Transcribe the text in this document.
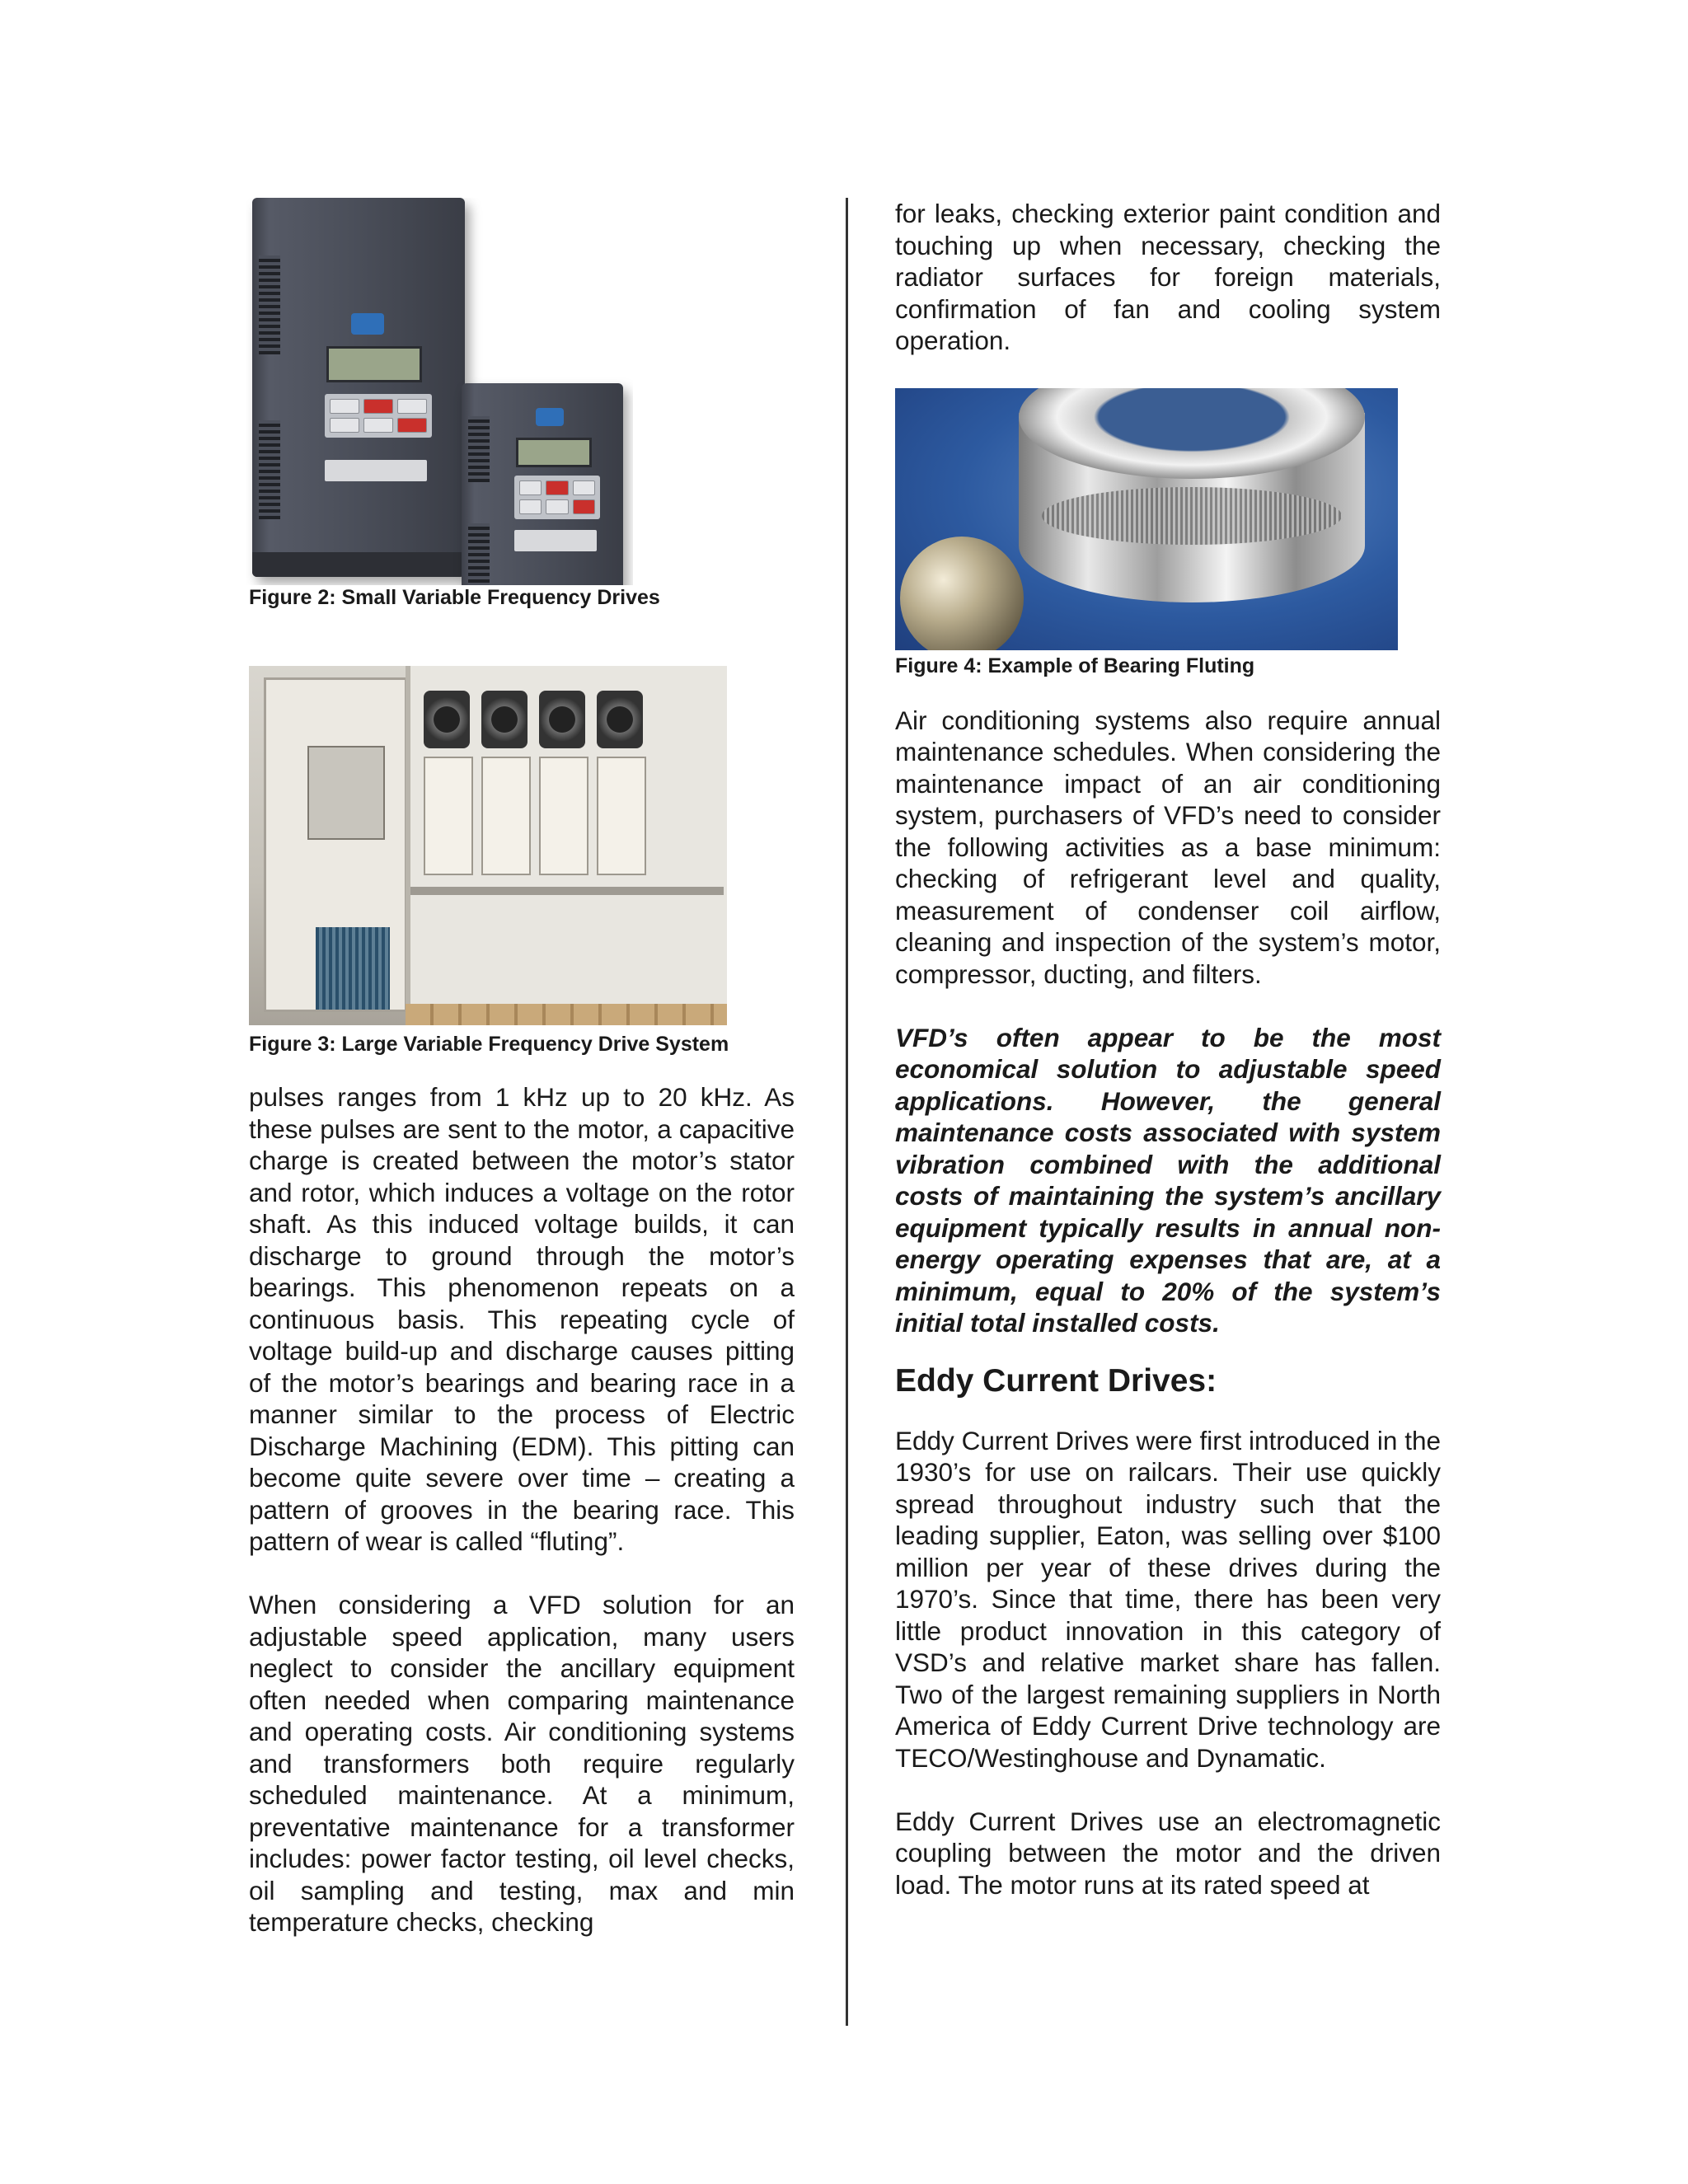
Figure 2: Small Variable Frequency Drives

Figure 3: Large Variable Frequency Drive System

pulses ranges from 1 kHz up to 20 kHz. As these pulses are sent to the motor, a capacitive charge is created between the motor’s stator and rotor, which induces a voltage on the rotor shaft. As this induced voltage builds, it can discharge to ground through the motor’s bearings. This phenomenon repeats on a continuous basis. This repeating cycle of voltage build-up and discharge causes pitting of the motor’s bearings and bearing race in a manner similar to the process of Electric Discharge Machining (EDM). This pitting can become quite severe over time – creating a pattern of grooves in the bearing race. This pattern of wear is called “fluting”.

When considering a VFD solution for an adjustable speed application, many users neglect to consider the ancillary equipment often needed when comparing maintenance and operating costs. Air conditioning systems and transformers both require regularly scheduled maintenance. At a minimum, preventative maintenance for a transformer includes: power factor testing, oil level checks, oil sampling and testing, max and min temperature checks, checking

for leaks, checking exterior paint condition and touching up when necessary, checking the radiator surfaces for foreign materials, confirmation of fan and cooling system operation.

Figure 4: Example of Bearing Fluting

Air conditioning systems also require annual maintenance schedules. When considering the maintenance impact of an air conditioning system, purchasers of VFD’s need to consider the following activities as a base minimum: checking of refrigerant level and quality, measurement of condenser coil airflow, cleaning and inspection of the system’s motor, compressor, ducting, and filters.

VFD’s often appear to be the most economical solution to adjustable speed applications. However, the general maintenance costs associated with system vibration combined with the additional costs of maintaining the system’s ancillary equipment typically results in annual non-energy operating expenses that are, at a minimum, equal to 20% of the system’s initial total installed costs.

Eddy Current Drives:

Eddy Current Drives were first introduced in the 1930’s for use on railcars. Their use quickly spread throughout industry such that the leading supplier, Eaton, was selling over $100 million per year of these drives during the 1970’s. Since that time, there has been very little product innovation in this category of VSD’s and relative market share has fallen. Two of the largest remaining suppliers in North America of Eddy Current Drive technology are TECO/Westinghouse and Dynamatic.

Eddy Current Drives use an electromagnetic coupling between the motor and the driven load. The motor runs at its rated speed at
